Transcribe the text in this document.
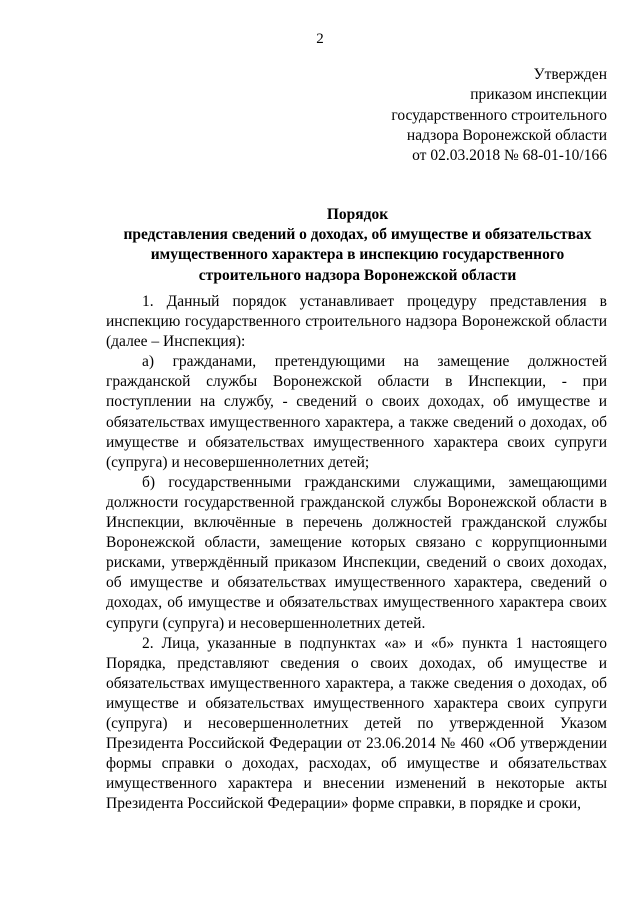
2
Утвержден
приказом инспекции
государственного строительного
надзора Воронежской области
от 02.03.2018 № 68-01-10/166
Порядок
представления сведений о доходах, об имуществе и обязательствах
имущественного характера в инспекцию государственного
строительного надзора Воронежской области

1. Данный порядок устанавливает процедуру представления в инспекцию государственного строительного надзора Воронежской области (далее – Инспекция):

а) гражданами, претендующими на замещение должностей гражданской службы Воронежской области в Инспекции, - при поступлении на службу, - сведений о своих доходах, об имуществе и обязательствах имущественного характера, а также сведений о доходах, об имуществе и обязательствах имущественного характера своих супруги (супруга) и несовершеннолетних детей;

б) государственными гражданскими служащими, замещающими должности государственной гражданской службы Воронежской области в Инспекции, включённые в перечень должностей гражданской службы Воронежской области, замещение которых связано с коррупционными рисками, утверждённый приказом Инспекции, сведений о своих доходах, об имуществе и обязательствах имущественного характера, сведений о доходах, об имуществе и обязательствах имущественного характера своих супруги (супруга) и несовершеннолетних детей.

2. Лица, указанные в подпунктах «а» и «б» пункта 1 настоящего Порядка, представляют сведения о своих доходах, об имуществе и обязательствах имущественного характера, а также сведения о доходах, об имуществе и обязательствах имущественного характера своих супруги (супруга) и несовершеннолетних детей по утвержденной Указом Президента Российской Федерации от 23.06.2014 № 460 «Об утверждении формы справки о доходах, расходах, об имуществе и обязательствах имущественного характера и внесении изменений в некоторые акты Президента Российской Федерации» форме справки, в порядке и сроки,
